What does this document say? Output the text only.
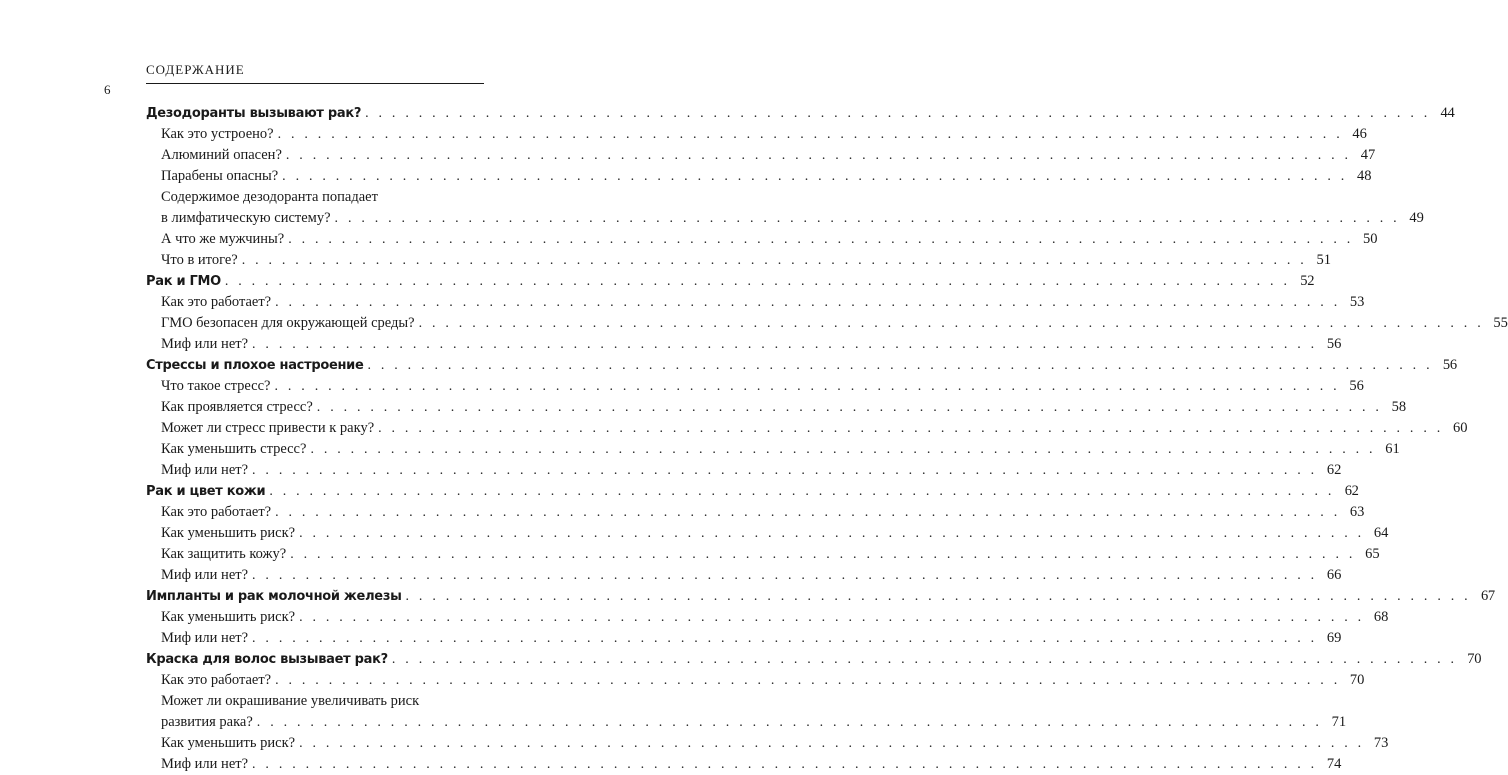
СОДЕРЖАНИЕ
6
Дезодоранты вызывают рак? . . . . . . . . . . . . . . . . . . . . . . . . . . . . . . . . . . . . . . . . . . . . . . . . . . . . . . . . . . . . . . . . . . . . . . . . . . . . . . . . 44
Как это устроено? . . . . . . . . . . . . . . . . . . . . . . . . . . . . . . . . . . . . . . . . . . . . . . . . . . . . . . . . . . . . . . . . . . . . . . . . . . . . . . . . 46
Алюминий опасен? . . . . . . . . . . . . . . . . . . . . . . . . . . . . . . . . . . . . . . . . . . . . . . . . . . . . . . . . . . . . . . . . . . . . . . . . . . . . . . . . 47
Парабены опасны? . . . . . . . . . . . . . . . . . . . . . . . . . . . . . . . . . . . . . . . . . . . . . . . . . . . . . . . . . . . . . . . . . . . . . . . . . . . . . . . . 48
Содержимое дезодоранта попадает
в лимфатическую систему? . . . . . . . . . . . . . . . . . . . . . . . . . . . . . . . . . . . . . . . . . . . . . . . . . . . . . . . . . . . . . . . . . . . . . . . . . . . . . . . . 49
А что же мужчины? . . . . . . . . . . . . . . . . . . . . . . . . . . . . . . . . . . . . . . . . . . . . . . . . . . . . . . . . . . . . . . . . . . . . . . . . . . . . . . . . 50
Что в итоге? . . . . . . . . . . . . . . . . . . . . . . . . . . . . . . . . . . . . . . . . . . . . . . . . . . . . . . . . . . . . . . . . . . . . . . . . . . . . . . . . 51
Рак и ГМО . . . . . . . . . . . . . . . . . . . . . . . . . . . . . . . . . . . . . . . . . . . . . . . . . . . . . . . . . . . . . . . . . . . . . . . . . . . . . . . . 52
Как это работает? . . . . . . . . . . . . . . . . . . . . . . . . . . . . . . . . . . . . . . . . . . . . . . . . . . . . . . . . . . . . . . . . . . . . . . . . . . . . . . . . 53
ГМО безопасен для окружающей среды? . . . . . . . . . . . . . . . . . . . . . . . . . . . . . . . . . . . . . . . . . . . . . . . . . . . . . . . . . . . . . . . . . . . . . . . . . . . . . . . . 55
Миф или нет? . . . . . . . . . . . . . . . . . . . . . . . . . . . . . . . . . . . . . . . . . . . . . . . . . . . . . . . . . . . . . . . . . . . . . . . . . . . . . . . . 56
Стрессы и плохое настроение . . . . . . . . . . . . . . . . . . . . . . . . . . . . . . . . . . . . . . . . . . . . . . . . . . . . . . . . . . . . . . . . . . . . . . . . . . . . . . . . 56
Что такое стресс? . . . . . . . . . . . . . . . . . . . . . . . . . . . . . . . . . . . . . . . . . . . . . . . . . . . . . . . . . . . . . . . . . . . . . . . . . . . . . . . . 56
Как проявляется стресс? . . . . . . . . . . . . . . . . . . . . . . . . . . . . . . . . . . . . . . . . . . . . . . . . . . . . . . . . . . . . . . . . . . . . . . . . . . . . . . . . 58
Может ли стресс привести к раку? . . . . . . . . . . . . . . . . . . . . . . . . . . . . . . . . . . . . . . . . . . . . . . . . . . . . . . . . . . . . . . . . . . . . . . . . . . . . . . . . 60
Как уменьшить стресс? . . . . . . . . . . . . . . . . . . . . . . . . . . . . . . . . . . . . . . . . . . . . . . . . . . . . . . . . . . . . . . . . . . . . . . . . . . . . . . . . 61
Миф или нет? . . . . . . . . . . . . . . . . . . . . . . . . . . . . . . . . . . . . . . . . . . . . . . . . . . . . . . . . . . . . . . . . . . . . . . . . . . . . . . . . 62
Рак и цвет кожи . . . . . . . . . . . . . . . . . . . . . . . . . . . . . . . . . . . . . . . . . . . . . . . . . . . . . . . . . . . . . . . . . . . . . . . . . . . . . . . . 62
Как это работает? . . . . . . . . . . . . . . . . . . . . . . . . . . . . . . . . . . . . . . . . . . . . . . . . . . . . . . . . . . . . . . . . . . . . . . . . . . . . . . . . 63
Как уменьшить риск? . . . . . . . . . . . . . . . . . . . . . . . . . . . . . . . . . . . . . . . . . . . . . . . . . . . . . . . . . . . . . . . . . . . . . . . . . . . . . . . . 64
Как защитить кожу? . . . . . . . . . . . . . . . . . . . . . . . . . . . . . . . . . . . . . . . . . . . . . . . . . . . . . . . . . . . . . . . . . . . . . . . . . . . . . . . . 65
Миф или нет? . . . . . . . . . . . . . . . . . . . . . . . . . . . . . . . . . . . . . . . . . . . . . . . . . . . . . . . . . . . . . . . . . . . . . . . . . . . . . . . . 66
Импланты и рак молочной железы . . . . . . . . . . . . . . . . . . . . . . . . . . . . . . . . . . . . . . . . . . . . . . . . . . . . . . . . . . . . . . . . . . . . . . . . . . . . . . . . 67
Как уменьшить риск? . . . . . . . . . . . . . . . . . . . . . . . . . . . . . . . . . . . . . . . . . . . . . . . . . . . . . . . . . . . . . . . . . . . . . . . . . . . . . . . . 68
Миф или нет? . . . . . . . . . . . . . . . . . . . . . . . . . . . . . . . . . . . . . . . . . . . . . . . . . . . . . . . . . . . . . . . . . . . . . . . . . . . . . . . . 69
Краска для волос вызывает рак? . . . . . . . . . . . . . . . . . . . . . . . . . . . . . . . . . . . . . . . . . . . . . . . . . . . . . . . . . . . . . . . . . . . . . . . . . . . . . . . . 70
Как это работает? . . . . . . . . . . . . . . . . . . . . . . . . . . . . . . . . . . . . . . . . . . . . . . . . . . . . . . . . . . . . . . . . . . . . . . . . . . . . . . . . 70
Может ли окрашивание увеличивать риск
развития рака? . . . . . . . . . . . . . . . . . . . . . . . . . . . . . . . . . . . . . . . . . . . . . . . . . . . . . . . . . . . . . . . . . . . . . . . . . . . . . . . . 71
Как уменьшить риск? . . . . . . . . . . . . . . . . . . . . . . . . . . . . . . . . . . . . . . . . . . . . . . . . . . . . . . . . . . . . . . . . . . . . . . . . . . . . . . . . 73
Миф или нет? . . . . . . . . . . . . . . . . . . . . . . . . . . . . . . . . . . . . . . . . . . . . . . . . . . . . . . . . . . . . . . . . . . . . . . . . . . . . . . . . 74
